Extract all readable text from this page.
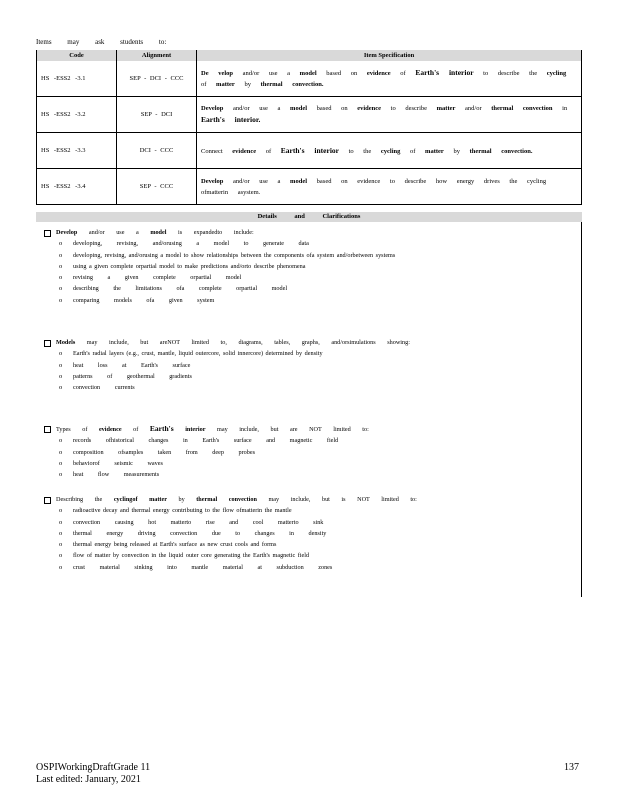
Items may ask students to:
Code	Alignment	Item Specification
HS -ESS2 -3.1	SEP - DCI - CCC	De velop and/or use a model based on evidence of Earth's interior to describe the cycling of matter by thermal convection.
HS -ESS2 -3.2	SEP - DCI	Develop and/or use a model based on evidence to describe matter and/or thermal convection in Earth's interior.
HS -ESS2 -3.3	DCI - CCC	Connect evidence of Earth's interior to the cycling of matter by thermal convection.
HS -ESS2 -3.4	SEP - CCC	Develop and/or use a model based on evidence to describe how energy drives the cycling ofmatterin asystem.
Details and Clarifications
Develop and/or use a model is expandedto include:
o	developing, revising, and/orusing a model to generate data
o	developing, revising, and/orusing a model to show relationships between the components ofa system and/orbetween systems
o	using a given complete orpartial model to make predictions and/orto describe phenomena
o	revising a given complete orpartial model
o	describing the limitations ofa complete orpartial model
o	comparing models ofa given system
Models may include, but areNOT limited to, diagrams, tables, graphs, and/orsimulations showing:
o	Earth's radial layers (e.g., crust, mantle, liquid outercore, solid innercore) determined by density
o	heat loss at Earth's surface
o	patterns of geothermal gradients
o	convection currents
Types of evidence of Earth's interior may include, but are NOT limited to:
o	records ofhistorical changes in Earth's surface and magnetic field
o	composition ofsamples taken from deep probes
o	behaviorof seismic waves
o	heat flow measurements
Describing the cyclingof matter by thermal convection may include, but is NOT limited to:
o	radioactive decay and thermal energy contributing to the flow ofmatterin the mantle
o	convection causing hot matterto rise and cool matterto sink
o	thermal energy driving convection due to changes in density
o	thermal energy being released at Earth's surface as new crust cools and forms
o	flow of matter by convection in the liquid outer core generating the Earth's magnetic field
o	crust material sinking into mantle material at subduction zones
OSPIWorkingDraftGrade 11
Last edited: January, 2021
137
